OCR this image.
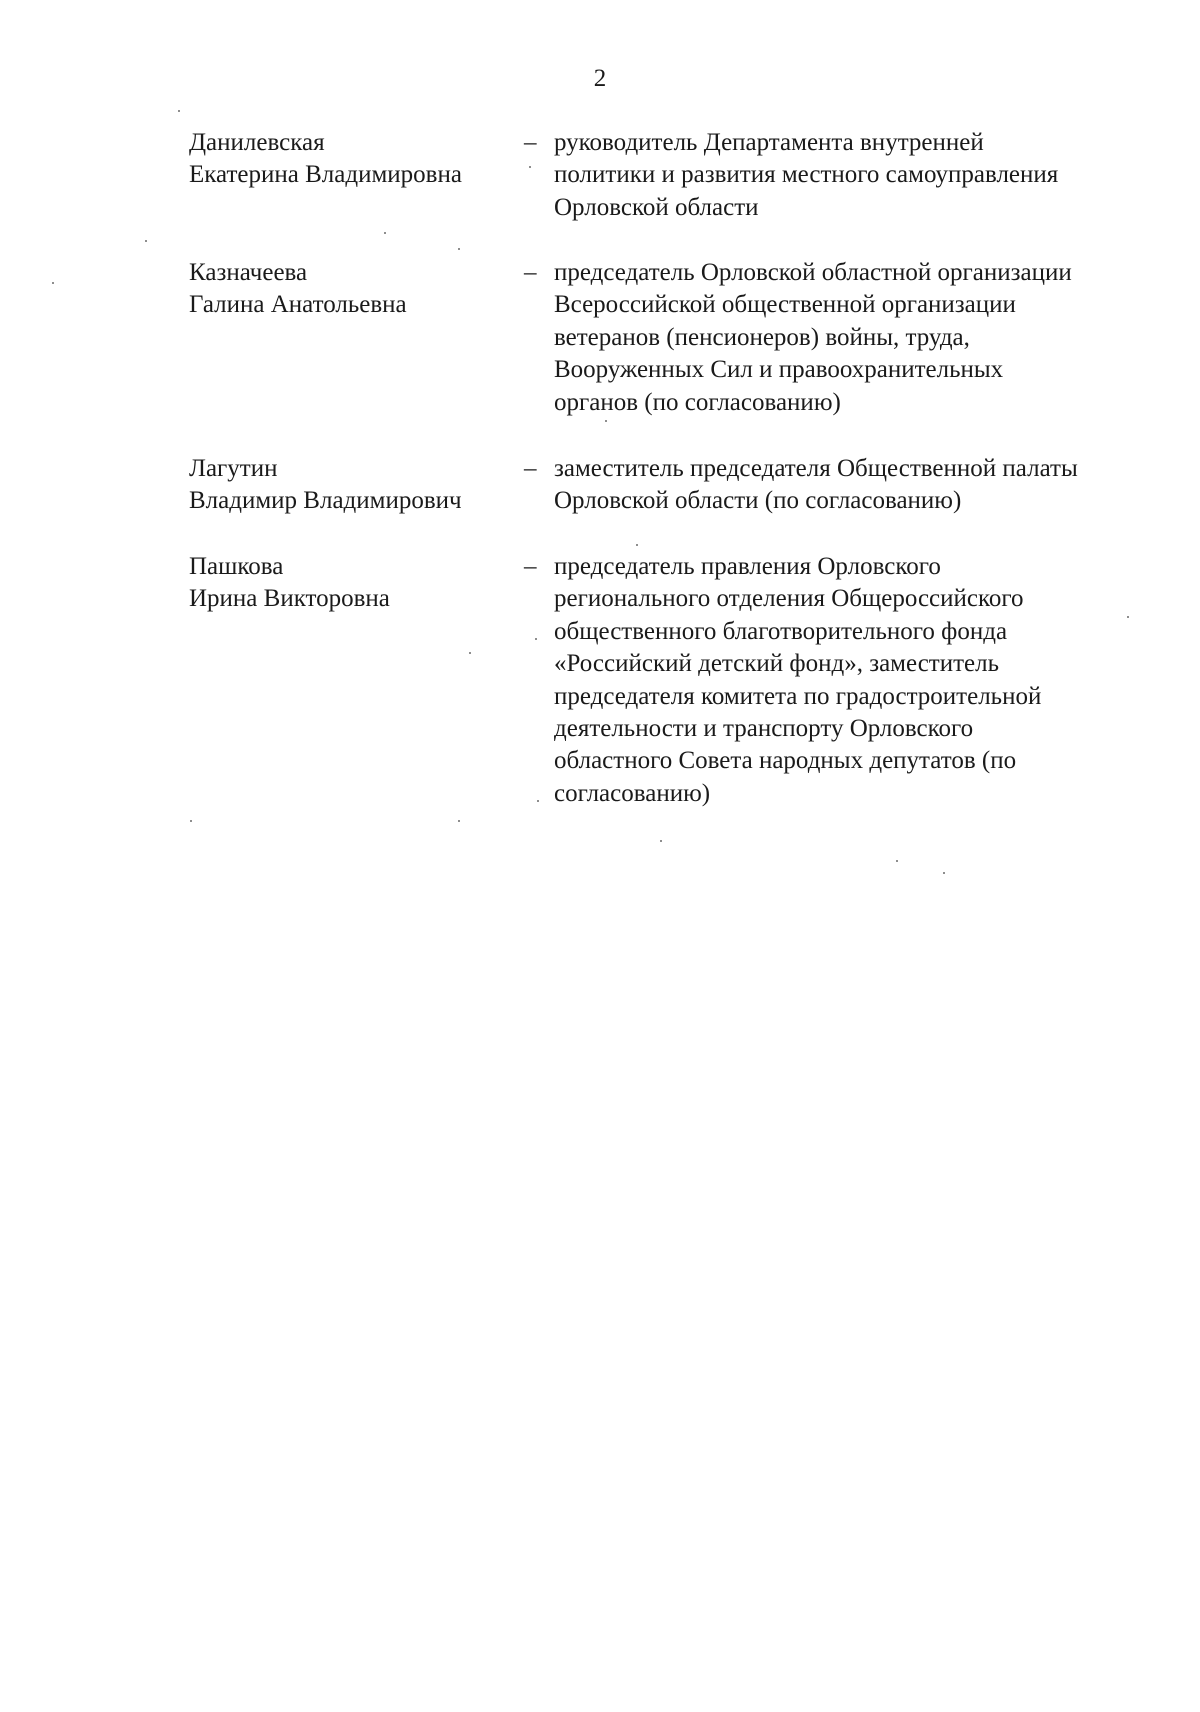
2
Данилевская
Екатерина Владимировна
– руководитель Департамента внутренней
политики и развития местного самоуправления
Орловской области
Казначеева
Галина Анатольевна
– председатель Орловской областной организации
Всероссийской общественной организации
ветеранов (пенсионеров) войны, труда,
Вооруженных Сил и правоохранительных
органов (по согласованию)
Лагутин
Владимир Владимирович
– заместитель председателя Общественной палаты
Орловской области (по согласованию)
Пашкова
Ирина Викторовна
– председатель правления Орловского
регионального отделения Общероссийского
общественного благотворительного фонда
«Российский детский фонд», заместитель
председателя комитета по градостроительной
деятельности и транспорту Орловского
областного Совета народных депутатов (по
согласованию)
